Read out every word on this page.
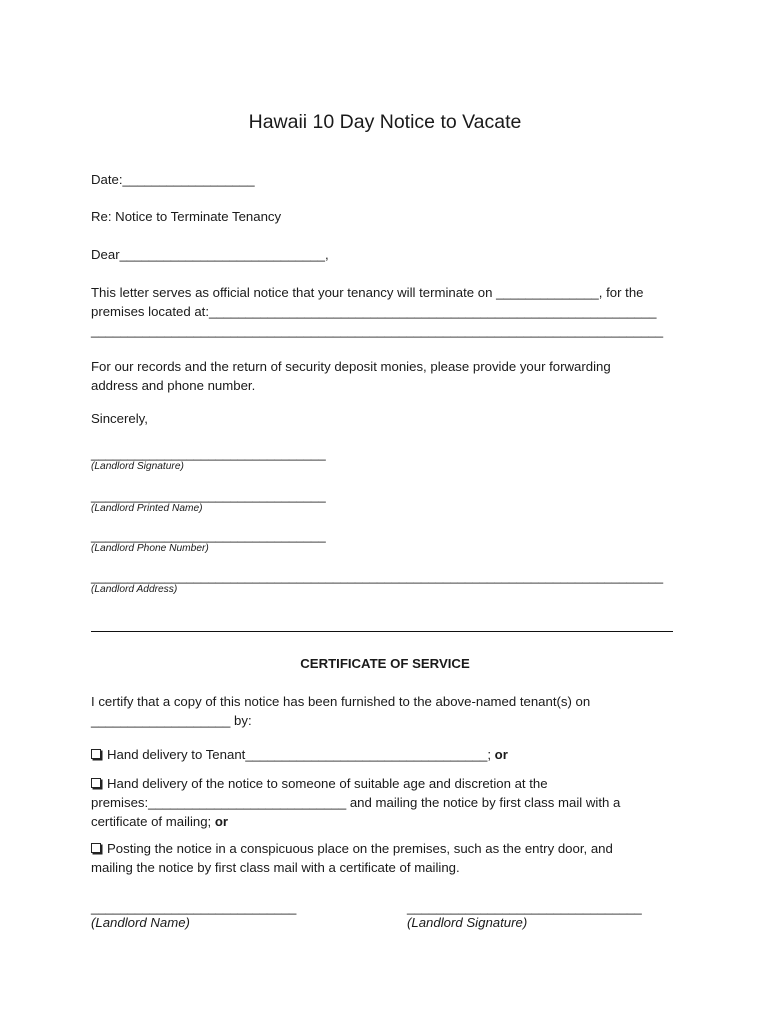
Hawaii 10 Day Notice to Vacate
Date:__________________
Re: Notice to Terminate Tenancy
Dear____________________________,
This letter serves as official notice that your tenancy will terminate on ______________, for the
premises located at:_____________________________________________________________
______________________________________________________________________________
For our records and the return of security deposit monies, please provide your forwarding
address and phone number.
Sincerely,
________________________________
(Landlord Signature)
________________________________
(Landlord Printed Name)
________________________________
(Landlord Phone Number)
______________________________________________________________________________
(Landlord Address)
CERTIFICATE OF SERVICE
I certify that a copy of this notice has been furnished to the above-named tenant(s) on
___________________ by:
Hand delivery to Tenant_________________________________; or
Hand delivery of the notice to someone of suitable age and discretion at the
premises:___________________________ and mailing the notice by first class mail with a
certificate of mailing; or
Posting the notice in a conspicuous place on the premises, such as the entry door, and
mailing the notice by first class mail with a certificate of mailing.
____________________________
(Landlord Name)
________________________________
(Landlord Signature)
